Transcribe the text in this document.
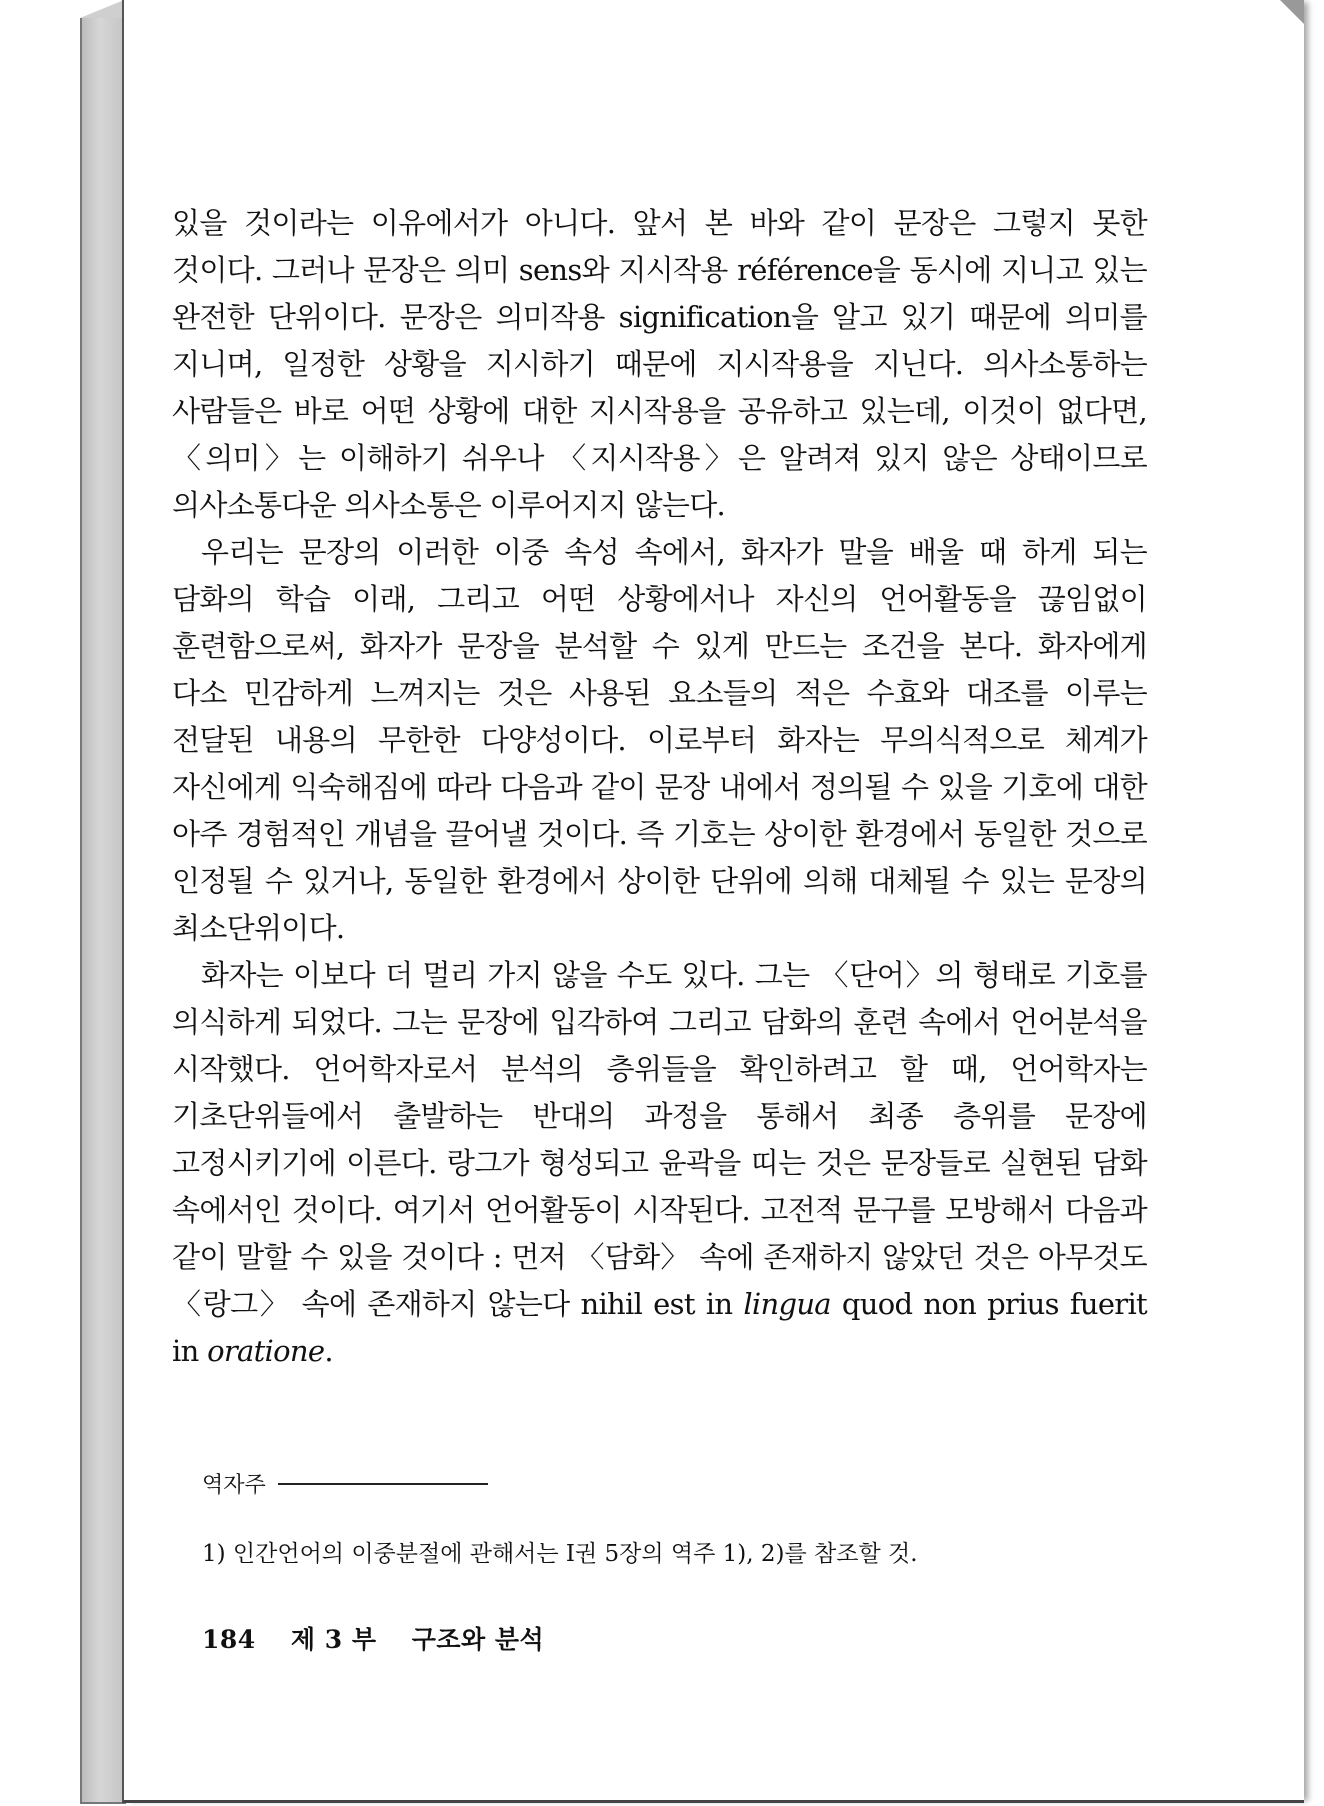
있을 것이라는 이유에서가 아니다. 앞서 본 바와 같이 문장은 그렇지 못한 것이다. 그러나 문장은 의미 sens와 지시작용 référence을 동시에 지니고 있는 완전한 단위이다. 문장은 의미작용 signification을 알고 있기 때문에 의미를 지니며, 일정한 상황을 지시하기 때문에 지시작용을 지닌다. 의사소통하는 사람들은 바로 어떤 상황에 대한 지시작용을 공유하고 있는데, 이것이 없다면, 〈의미〉는 이해하기 쉬우나 〈지시작용〉은 알려져 있지 않은 상태이므로 의사소통다운 의사소통은 이루어지지 않는다.

우리는 문장의 이러한 이중 속성 속에서, 화자가 말을 배울 때 하게 되는 담화의 학습 이래, 그리고 어떤 상황에서나 자신의 언어활동을 끊임없이 훈련함으로써, 화자가 문장을 분석할 수 있게 만드는 조건을 본다. 화자에게 다소 민감하게 느껴지는 것은 사용된 요소들의 적은 수효와 대조를 이루는 전달된 내용의 무한한 다양성이다. 이로부터 화자는 무의식적으로 체계가 자신에게 익숙해짐에 따라 다음과 같이 문장 내에서 정의될 수 있을 기호에 대한 아주 경험적인 개념을 끌어낼 것이다. 즉 기호는 상이한 환경에서 동일한 것으로 인정될 수 있거나, 동일한 환경에서 상이한 단위에 의해 대체될 수 있는 문장의 최소단위이다.

화자는 이보다 더 멀리 가지 않을 수도 있다. 그는 〈단어〉의 형태로 기호를 의식하게 되었다. 그는 문장에 입각하여 그리고 담화의 훈련 속에서 언어분석을 시작했다. 언어학자로서 분석의 층위들을 확인하려고 할 때, 언어학자는 기초단위들에서 출발하는 반대의 과정을 통해서 최종 층위를 문장에 고정시키기에 이른다. 랑그가 형성되고 윤곽을 띠는 것은 문장들로 실현된 담화 속에서인 것이다. 여기서 언어활동이 시작된다. 고전적 문구를 모방해서 다음과 같이 말할 수 있을 것이다 : 먼저 〈담화〉 속에 존재하지 않았던 것은 아무것도 〈랑그〉 속에 존재하지 않는다 nihil est in lingua quod non prius fuerit in oratione.

역자주
1) 인간언어의 이중분절에 관해서는 Ⅰ권 5장의 역주 1), 2)를 참조할 것.
184 제 3 부 구조와 분석
